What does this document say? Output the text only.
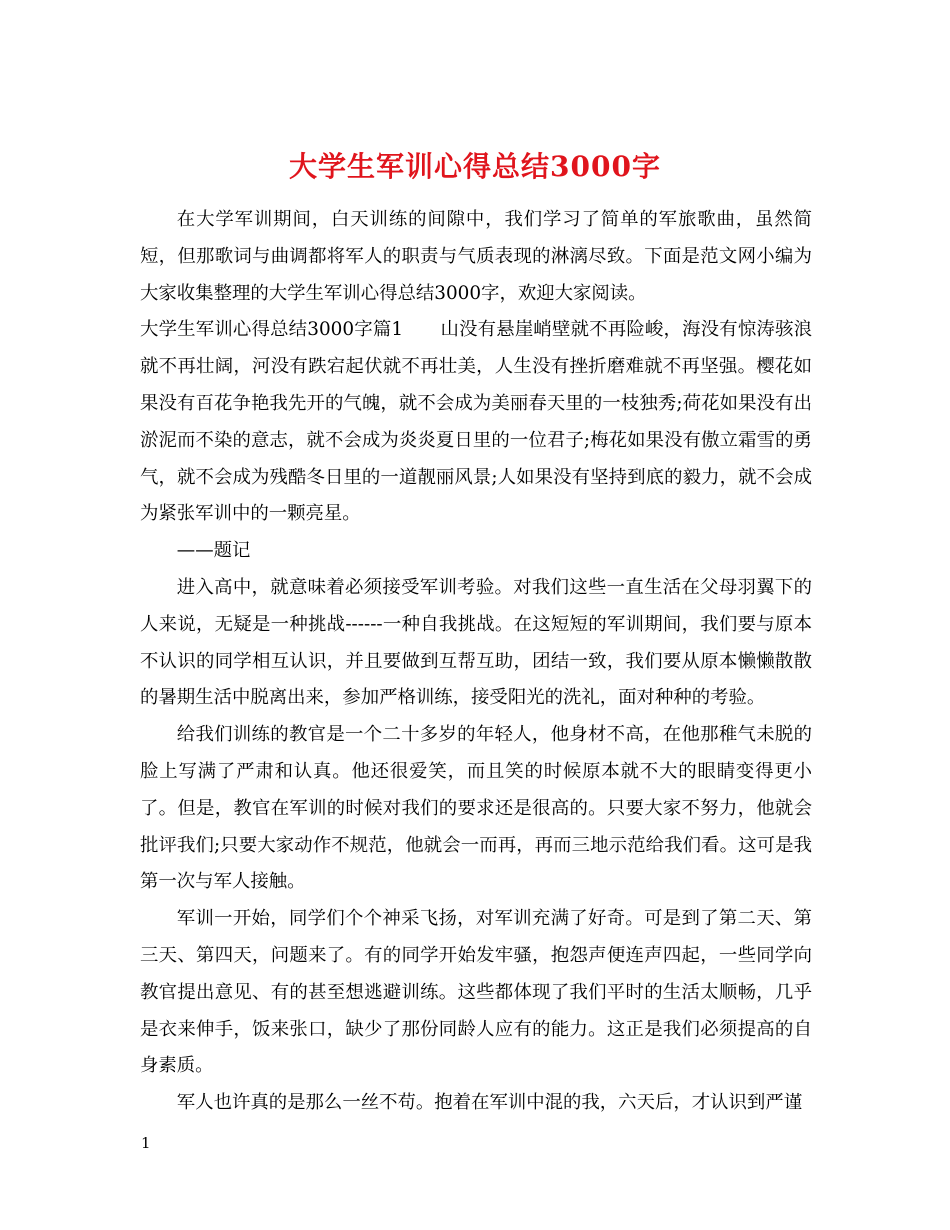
大学生军训心得总结3000字

在大学军训期间，白天训练的间隙中，我们学习了简单的军旅歌曲，虽然简短，但那歌词与曲调都将军人的职责与气质表现的淋漓尽致。下面是范文网小编为大家收集整理的大学生军训心得总结3000字，欢迎大家阅读。

大学生军训心得总结3000字篇1　　山没有悬崖峭壁就不再险峻，海没有惊涛骇浪就不再壮阔，河没有跌宕起伏就不再壮美，人生没有挫折磨难就不再坚强。樱花如果没有百花争艳我先开的气魄，就不会成为美丽春天里的一枝独秀;荷花如果没有出淤泥而不染的意志，就不会成为炎炎夏日里的一位君子;梅花如果没有傲立霜雪的勇气，就不会成为残酷冬日里的一道靓丽风景;人如果没有坚持到底的毅力，就不会成为紧张军训中的一颗亮星。

——题记

进入高中，就意味着必须接受军训考验。对我们这些一直生活在父母羽翼下的人来说，无疑是一种挑战------一种自我挑战。在这短短的军训期间，我们要与原本不认识的同学相互认识，并且要做到互帮互助，团结一致，我们要从原本懒懒散散的暑期生活中脱离出来，参加严格训练，接受阳光的洗礼，面对种种的考验。

给我们训练的教官是一个二十多岁的年轻人，他身材不高，在他那稚气未脱的脸上写满了严肃和认真。他还很爱笑，而且笑的时候原本就不大的眼睛变得更小了。但是，教官在军训的时候对我们的要求还是很高的。只要大家不努力，他就会批评我们;只要大家动作不规范，他就会一而再，再而三地示范给我们看。这可是我第一次与军人接触。

军训一开始，同学们个个神采飞扬，对军训充满了好奇。可是到了第二天、第三天、第四天，问题来了。有的同学开始发牢骚，抱怨声便连声四起，一些同学向教官提出意见、有的甚至想逃避训练。这些都体现了我们平时的生活太顺畅，几乎是衣来伸手，饭来张口，缺少了那份同龄人应有的能力。这正是我们必须提高的自身素质。

军人也许真的是那么一丝不苟。抱着在军训中混的我，六天后，才认识到严谨

1
